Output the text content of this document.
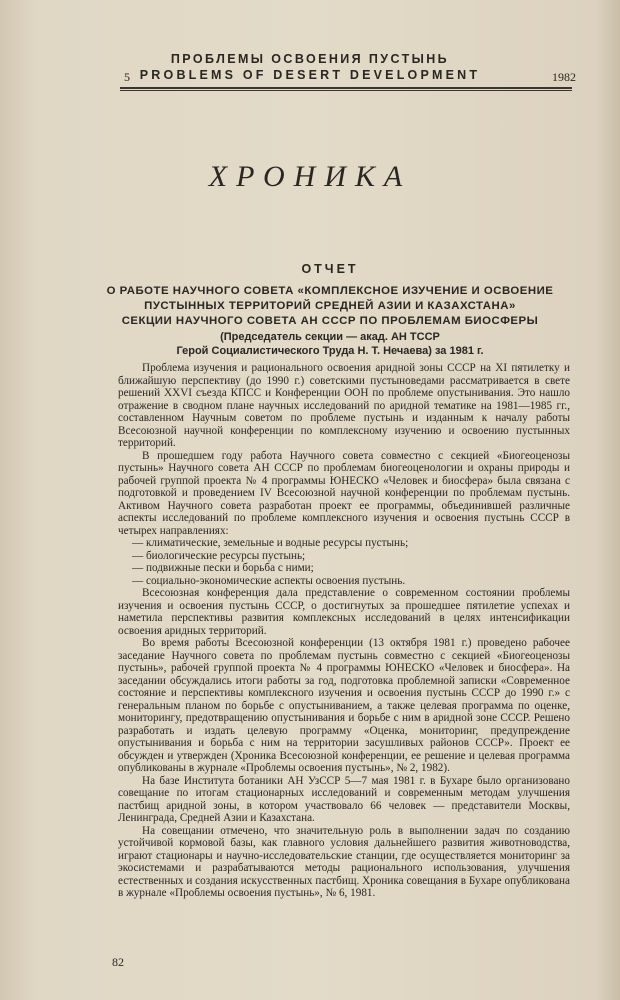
ПРОБЛЕМЫ ОСВОЕНИЯ ПУСТЫНЬ
PROBLEMS OF DESERT DEVELOPMENT
5	1982
ХРОНИКА
ОТЧЕТ
О РАБОТЕ НАУЧНОГО СОВЕТА «КОМПЛЕКСНОЕ ИЗУЧЕНИЕ И ОСВОЕНИЕ
ПУСТЫННЫХ ТЕРРИТОРИЙ СРЕДНЕЙ АЗИИ И КАЗАХСТАНА»
СЕКЦИИ НАУЧНОГО СОВЕТА АН СССР ПО ПРОБЛЕМАМ БИОСФЕРЫ
(Председатель секции — акад. АН ТССР
Герой Социалистического Труда Н. Т. Нечаева) за 1981 г.

Проблема изучения и рационального освоения аридной зоны СССР на XI пятилетку и ближайшую перспективу (до 1990 г.) советскими пустыноведами рассматривается в свете решений XXVI съезда КПСС и Конференции ООН по проблеме опустынивания. Это нашло отражение в сводном плане научных исследований по аридной тематике на 1981—1985 гг., составленном Научным советом по проблеме пустынь и изданным к началу работы Всесоюзной научной конференции по комплексному изучению и освоению пустынных территорий.

В прошедшем году работа Научного совета совместно с секцией «Биогеоценозы пустынь» Научного совета АН СССР по проблемам биогеоценологии и охраны природы и рабочей группой проекта № 4 программы ЮНЕСКО «Человек и биосфера» была связана с подготовкой и проведением IV Всесоюзной научной конференции по проблемам пустынь. Активом Научного совета разработан проект ее программы, объединившей различные аспекты исследований по проблеме комплексного изучения и освоения пустынь СССР в четырех направлениях:

— климатические, земельные и водные ресурсы пустынь;
— биологические ресурсы пустынь;
— подвижные пески и борьба с ними;
— социально-экономические аспекты освоения пустынь.

Всесоюзная конференция дала представление о современном состоянии проблемы изучения и освоения пустынь СССР, о достигнутых за прошедшее пятилетие успехах и наметила перспективы развития комплексных исследований в целях интенсификации освоения аридных территорий.

Во время работы Всесоюзной конференции (13 октября 1981 г.) проведено рабочее заседание Научного совета по проблемам пустынь совместно с секцией «Биогеоценозы пустынь», рабочей группой проекта № 4 программы ЮНЕСКО «Человек и биосфера». На заседании обсуждались итоги работы за год, подготовка проблемной записки «Современное состояние и перспективы комплексного изучения и освоения пустынь СССР до 1990 г.» с генеральным планом по борьбе с опустыниванием, а также целевая программа по оценке, мониторингу, предотвращению опустынивания и борьбе с ним в аридной зоне СССР. Решено разработать и издать целевую программу «Оценка, мониторинг, предупреждение опустынивания и борьба с ним на территории засушливых районов СССР». Проект ее обсужден и утвержден (Хроника Всесоюзной конференции, ее решение и целевая программа опубликованы в журнале «Проблемы освоения пустынь», № 2, 1982).

На базе Института ботаники АН УзССР 5—7 мая 1981 г. в Бухаре было организовано совещание по итогам стационарных исследований и современным методам улучшения пастбищ аридной зоны, в котором участвовало 66 человек — представители Москвы, Ленинграда, Средней Азии и Казахстана.

На совещании отмечено, что значительную роль в выполнении задач по созданию устойчивой кормовой базы, как главного условия дальнейшего развития животноводства, играют стационары и научно-исследовательские станции, где осуществляется мониторинг за экосистемами и разрабатываются методы рационального использования, улучшения естественных и создания искусственных пастбищ. Хроника совещания в Бухаре опубликована в журнале «Проблемы освоения пустынь», № 6, 1981.

82
